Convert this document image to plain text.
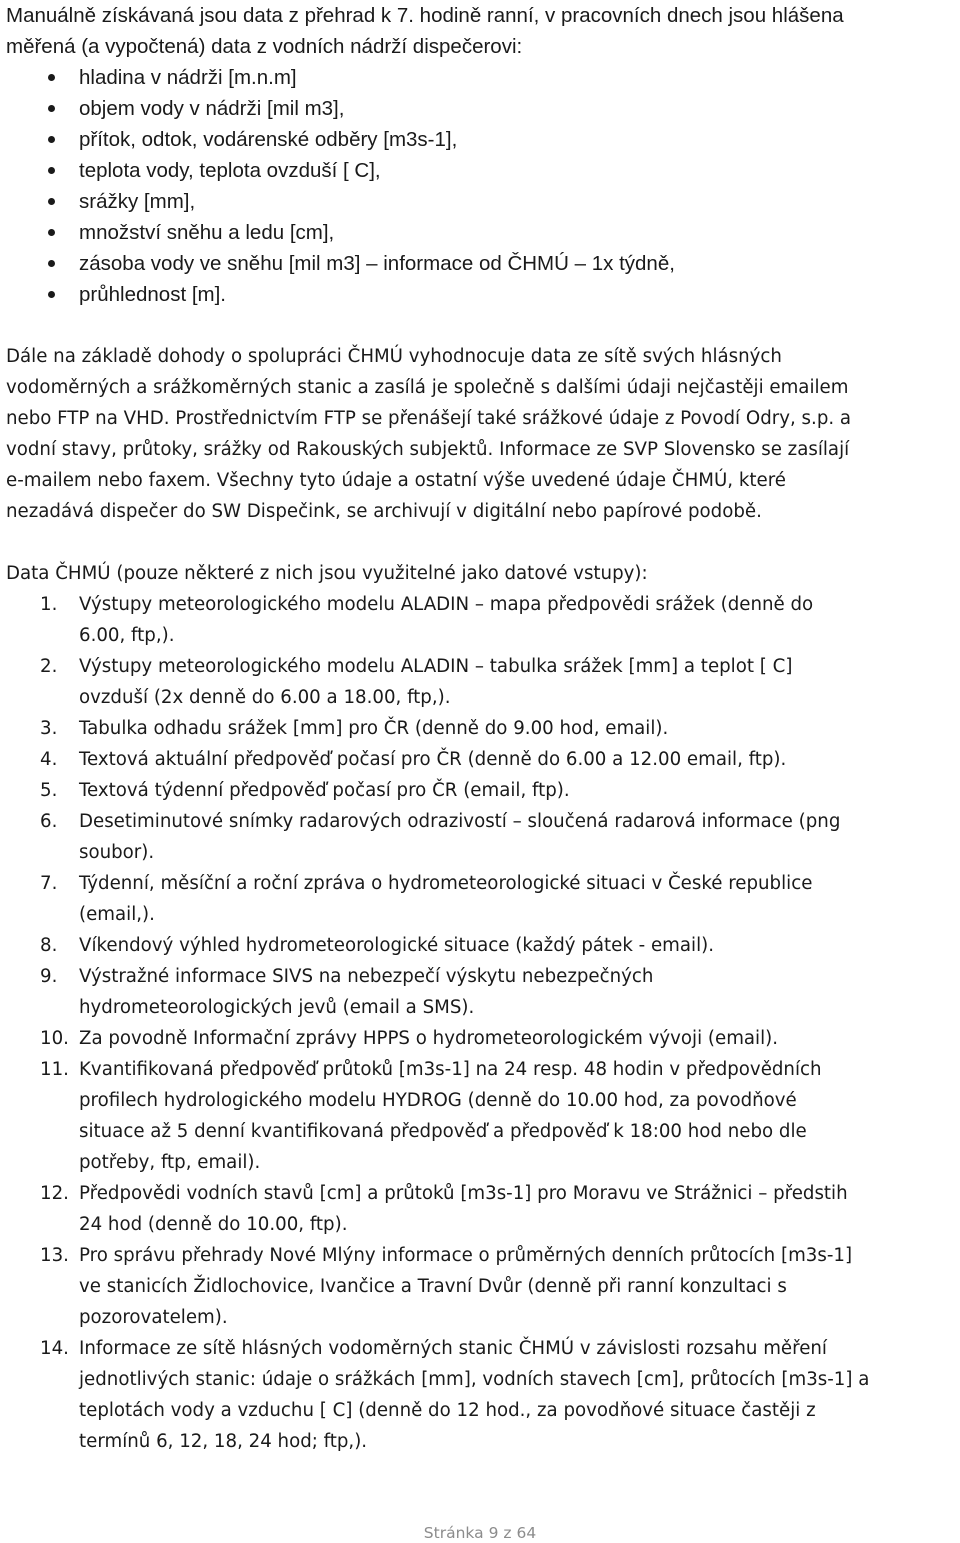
Manuálně získávaná jsou data z přehrad k 7. hodině ranní, v pracovních dnech jsou hlášena
měřená (a vypočtená) data z vodních nádrží dispečerovi:

hladina v nádrži [m.n.m]
objem vody v nádrži [mil m3],
přítok, odtok, vodárenské odběry [m3s-1],
teplota vody, teplota ovzduší [ C],
srážky [mm],
množství sněhu a ledu [cm],
zásoba vody ve sněhu [mil m3] – informace od ČHMÚ – 1x týdně,
průhlednost [m].

Dále na základě dohody o spolupráci ČHMÚ vyhodnocuje data ze sítě svých hlásných
vodoměrných a srážkoměrných stanic a zasílá je společně s dalšími údaji nejčastěji emailem
nebo FTP na VHD. Prostřednictvím FTP se přenášejí také srážkové údaje z Povodí Odry, s.p. a
vodní stavy, průtoky, srážky od Rakouských subjektů. Informace ze SVP Slovensko se zasílají
e-mailem nebo faxem. Všechny tyto údaje a ostatní výše uvedené údaje ČHMÚ, které
nezadává dispečer do SW Dispečink, se archivují v digitální nebo papírové podobě.

Data ČHMÚ (pouze některé z nich jsou využitelné jako datové vstupy):

1. Výstupy meteorologického modelu ALADIN – mapa předpovědi srážek (denně do
6.00, ftp,).
2. Výstupy meteorologického modelu ALADIN – tabulka srážek [mm] a teplot [ C]
ovzduší (2x denně do 6.00 a 18.00, ftp,).
3. Tabulka odhadu srážek [mm] pro ČR (denně do 9.00 hod, email).
4. Textová aktuální předpověď počasí pro ČR (denně do 6.00 a 12.00 email, ftp).
5. Textová týdenní předpověď počasí pro ČR (email, ftp).
6. Desetiminutové snímky radarových odrazivostí – sloučená radarová informace (png
soubor).
7. Týdenní, měsíční a roční zpráva o hydrometeorologické situaci v České republice
(email,).
8. Víkendový výhled hydrometeorologické situace (každý pátek - email).
9. Výstražné informace SIVS na nebezpečí výskytu nebezpečných
hydrometeorologických jevů (email a SMS).
10. Za povodně Informační zprávy HPPS o hydrometeorologickém vývoji (email).
11. Kvantifikovaná předpověď průtoků [m3s-1] na 24 resp. 48 hodin v předpovědních
profilech hydrologického modelu HYDROG (denně do 10.00 hod, za povodňové
situace až 5 denní kvantifikovaná předpověď a předpověď k 18:00 hod nebo dle
potřeby, ftp, email).
12. Předpovědi vodních stavů [cm] a průtoků [m3s-1] pro Moravu ve Strážnici – předstih
24 hod (denně do 10.00, ftp).
13. Pro správu přehrady Nové Mlýny informace o průměrných denních průtocích [m3s-1]
ve stanicích Židlochovice, Ivančice a Travní Dvůr (denně při ranní konzultaci s
pozorovatelem).
14. Informace ze sítě hlásných vodoměrných stanic ČHMÚ v závislosti rozsahu měření
jednotlivých stanic: údaje o srážkách [mm], vodních stavech [cm], průtocích [m3s-1] a
teplotách vody a vzduchu [ C] (denně do 12 hod., za povodňové situace častěji z
termínů 6, 12, 18, 24 hod; ftp,).
Stránka 9 z 64
